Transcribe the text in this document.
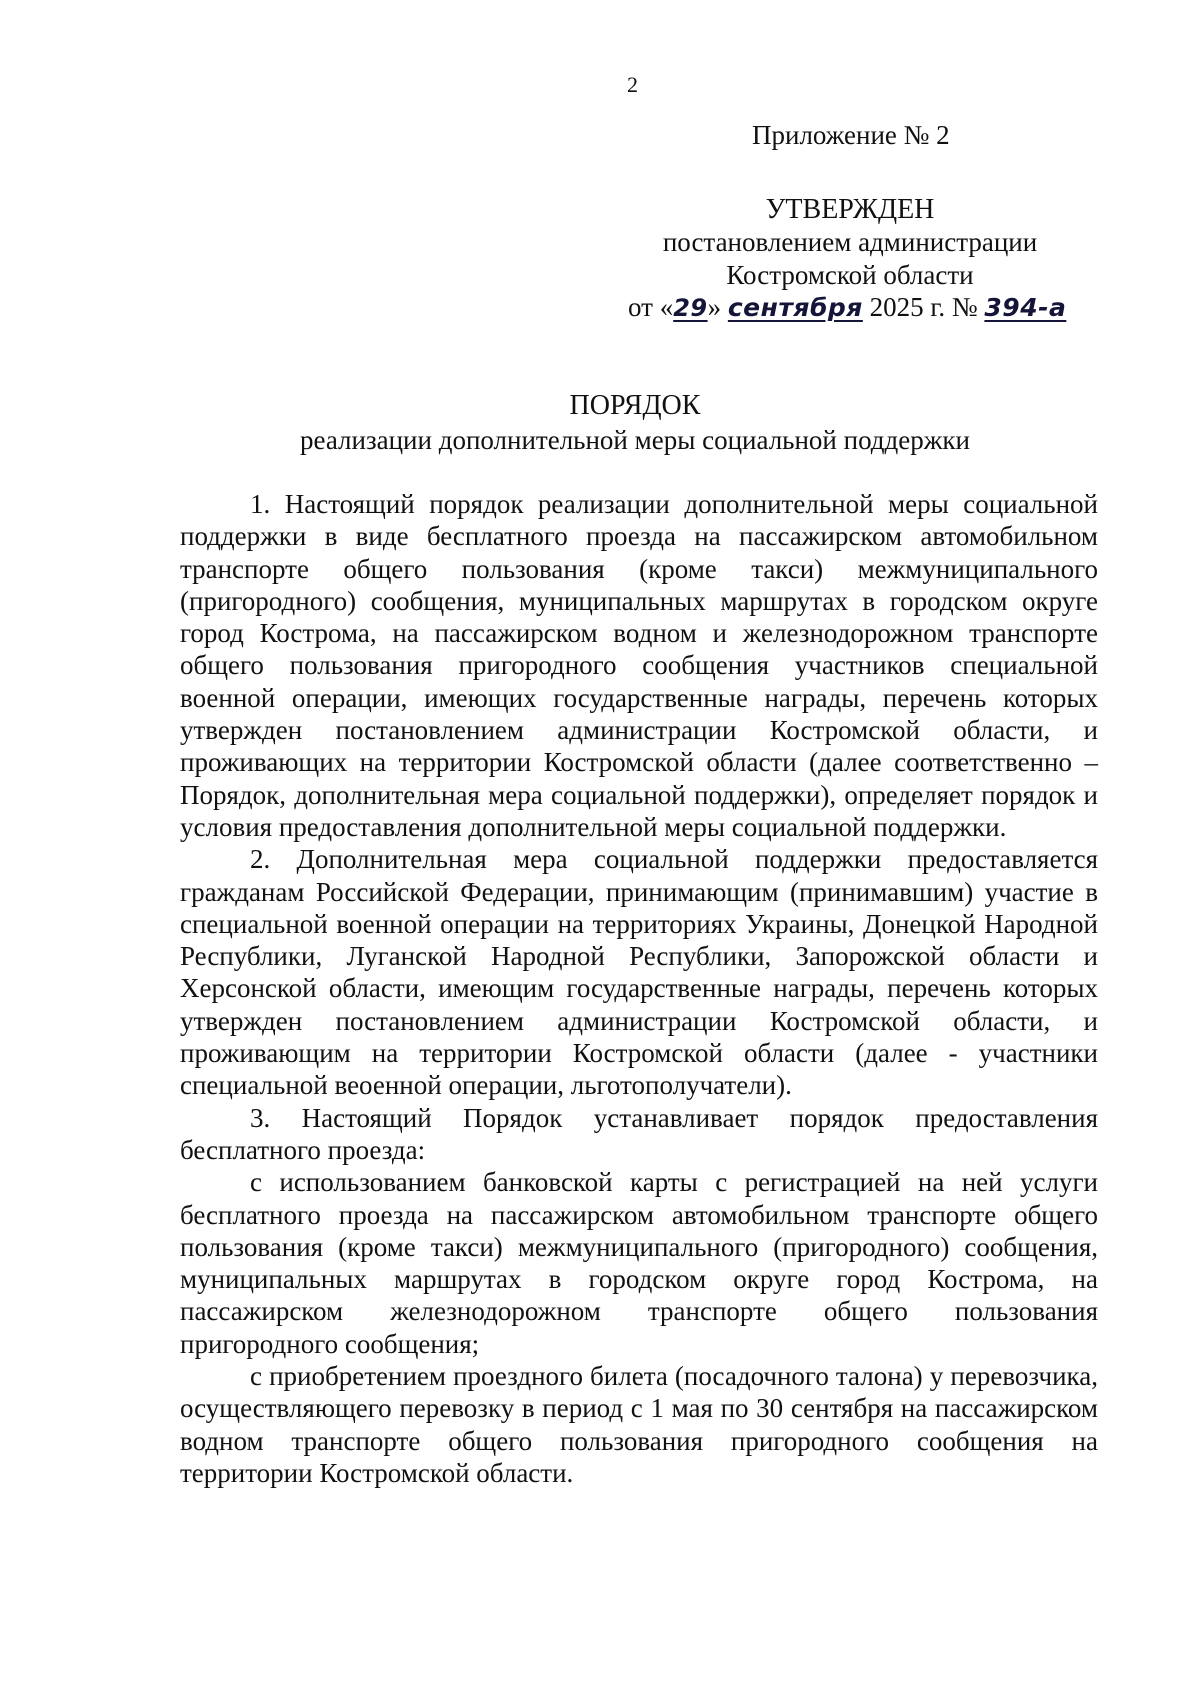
2
Приложение № 2
УТВЕРЖДЕН
постановлением администрации
Костромской области
от «29» сентября 2025 г. № 394-а
ПОРЯДОК
реализации дополнительной меры социальной поддержки

1. Настоящий порядок реализации дополнительной меры социальной поддержки в виде бесплатного проезда на пассажирском автомобильном транспорте общего пользования (кроме такси) межмуниципального (пригородного) сообщения, муниципальных маршрутах в городском округе город Кострома, на пассажирском водном и железнодорожном транспорте общего пользования пригородного сообщения участников специальной военной операции, имеющих государственные награды, перечень которых утвержден постановлением администрации Костромской области, и проживающих на территории Костромской области (далее соответственно – Порядок, дополнительная мера социальной поддержки), определяет порядок и условия предоставления дополнительной меры социальной поддержки.

2. Дополнительная мера социальной поддержки предоставляется гражданам Российской Федерации, принимающим (принимавшим) участие в специальной военной операции на территориях Украины, Донецкой Народной Республики, Луганской Народной Республики, Запорожской области и Херсонской области, имеющим государственные награды, перечень которых утвержден постановлением администрации Костромской области, и проживающим на территории Костромской области (далее - участники специальной веоенной операции, льготополучатели).

3. Настоящий Порядок устанавливает порядок предоставления бесплатного проезда:

с использованием банковской карты с регистрацией на ней услуги бесплатного проезда на пассажирском автомобильном транспорте общего пользования (кроме такси) межмуниципального (пригородного) сообщения, муниципальных маршрутах в городском округе город Кострома, на пассажирском железнодорожном транспорте общего пользования пригородного сообщения;

с приобретением проездного билета (посадочного талона) у перевозчика, осуществляющего перевозку в период с 1 мая по 30 сентября на пассажирском водном транспорте общего пользования пригородного сообщения на территории Костромской области.
